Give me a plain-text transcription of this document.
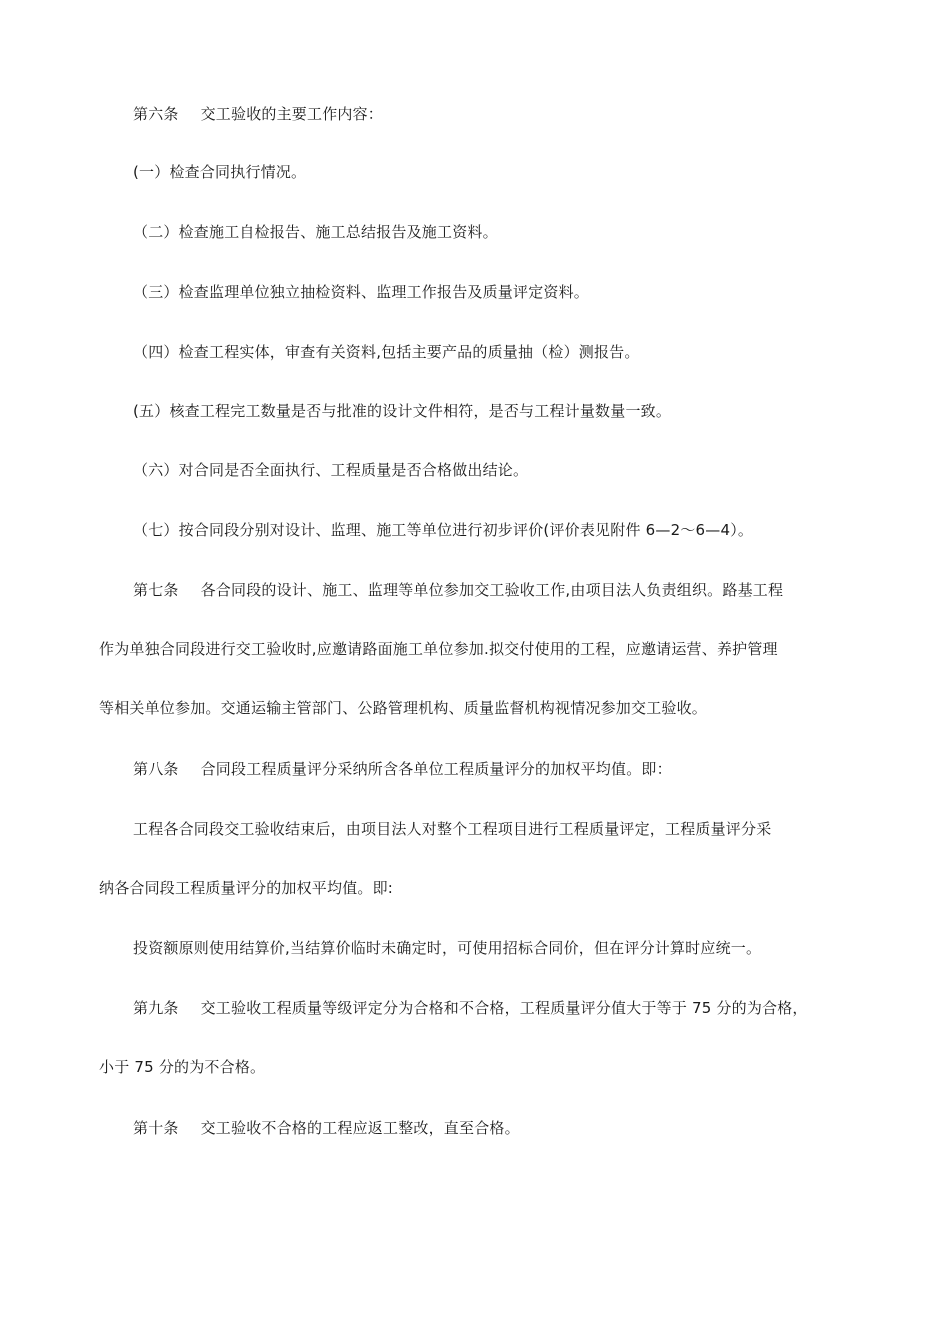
第六条 交工验收的主要工作内容：
(一）检查合同执行情况。
（二）检查施工自检报告、施工总结报告及施工资料。
（三）检查监理单位独立抽检资料、监理工作报告及质量评定资料。
（四）检查工程实体，审查有关资料,包括主要产品的质量抽（检）测报告。
(五）核查工程完工数量是否与批准的设计文件相符，是否与工程计量数量一致。
（六）对合同是否全面执行、工程质量是否合格做出结论。
（七）按合同段分别对设计、监理、施工等单位进行初步评价(评价表见附件 6—2～6—4）。
第七条 各合同段的设计、施工、监理等单位参加交工验收工作,由项目法人负责组织。路基工程
作为单独合同段进行交工验收时,应邀请路面施工单位参加.拟交付使用的工程，应邀请运营、养护管理
等相关单位参加。交通运输主管部门、公路管理机构、质量监督机构视情况参加交工验收。
第八条 合同段工程质量评分采纳所含各单位工程质量评分的加权平均值。即：
工程各合同段交工验收结束后，由项目法人对整个工程项目进行工程质量评定，工程质量评分采
纳各合同段工程质量评分的加权平均值。即:
投资额原则使用结算价,当结算价临时未确定时，可使用招标合同价，但在评分计算时应统一。
第九条 交工验收工程质量等级评定分为合格和不合格，工程质量评分值大于等于 75 分的为合格，
小于 75 分的为不合格。
第十条 交工验收不合格的工程应返工整改，直至合格。
